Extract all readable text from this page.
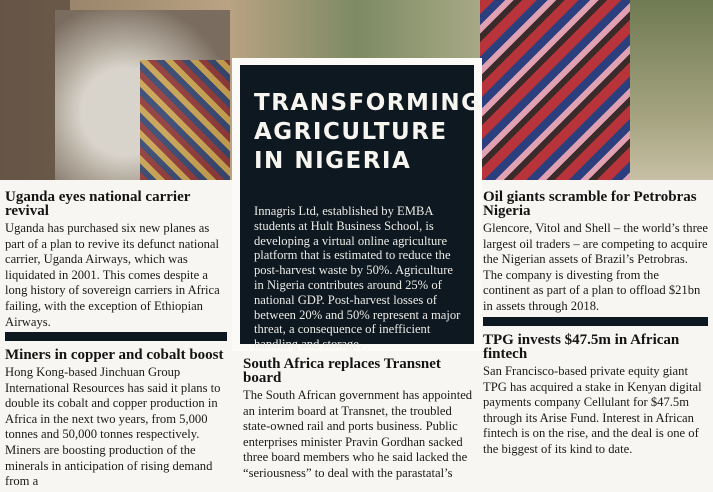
TRANSFORMING
AGRICULTURE
IN NIGERIA

Innagris Ltd, established by EMBA students at Hult Business School, is developing a virtual online agriculture platform that is estimated to reduce the post-harvest waste by 50%. Agriculture in Nigeria contributes around 25% of national GDP. Post-harvest losses of between 20% and 50% represent a major threat, a consequence of inefficient handling and storage.

Uganda eyes national carrier revival

Uganda has purchased six new planes as part of a plan to revive its defunct national carrier, Uganda Airways, which was liquidated in 2001. This comes despite a long history of sovereign carriers in Africa failing, with the exception of Ethiopian Airways.

Miners in copper and cobalt boost

Hong Kong-based Jinchuan Group International Resources has said it plans to double its cobalt and copper production in Africa in the next two years, from 5,000 tonnes and 50,000 tonnes respectively. Miners are boosting production of the minerals in anticipation of rising demand from a

South Africa replaces Transnet board

The South African government has appointed an interim board at Transnet, the troubled state-owned rail and ports business. Public enterprises minister Pravin Gordhan sacked three board members who he said lacked the “seriousness” to deal with the parastatal’s

Oil giants scramble for Petrobras Nigeria

Glencore, Vitol and Shell – the world’s three largest oil traders – are competing to acquire the Nigerian assets of Brazil’s Petrobras. The company is divesting from the continent as part of a plan to offload $21bn in assets through 2018.

TPG invests $47.5m in African fintech

San Francisco-based private equity giant TPG has acquired a stake in Kenyan digital payments company Cellulant for $47.5m through its Arise Fund. Interest in African fintech is on the rise, and the deal is one of the biggest of its kind to date.
